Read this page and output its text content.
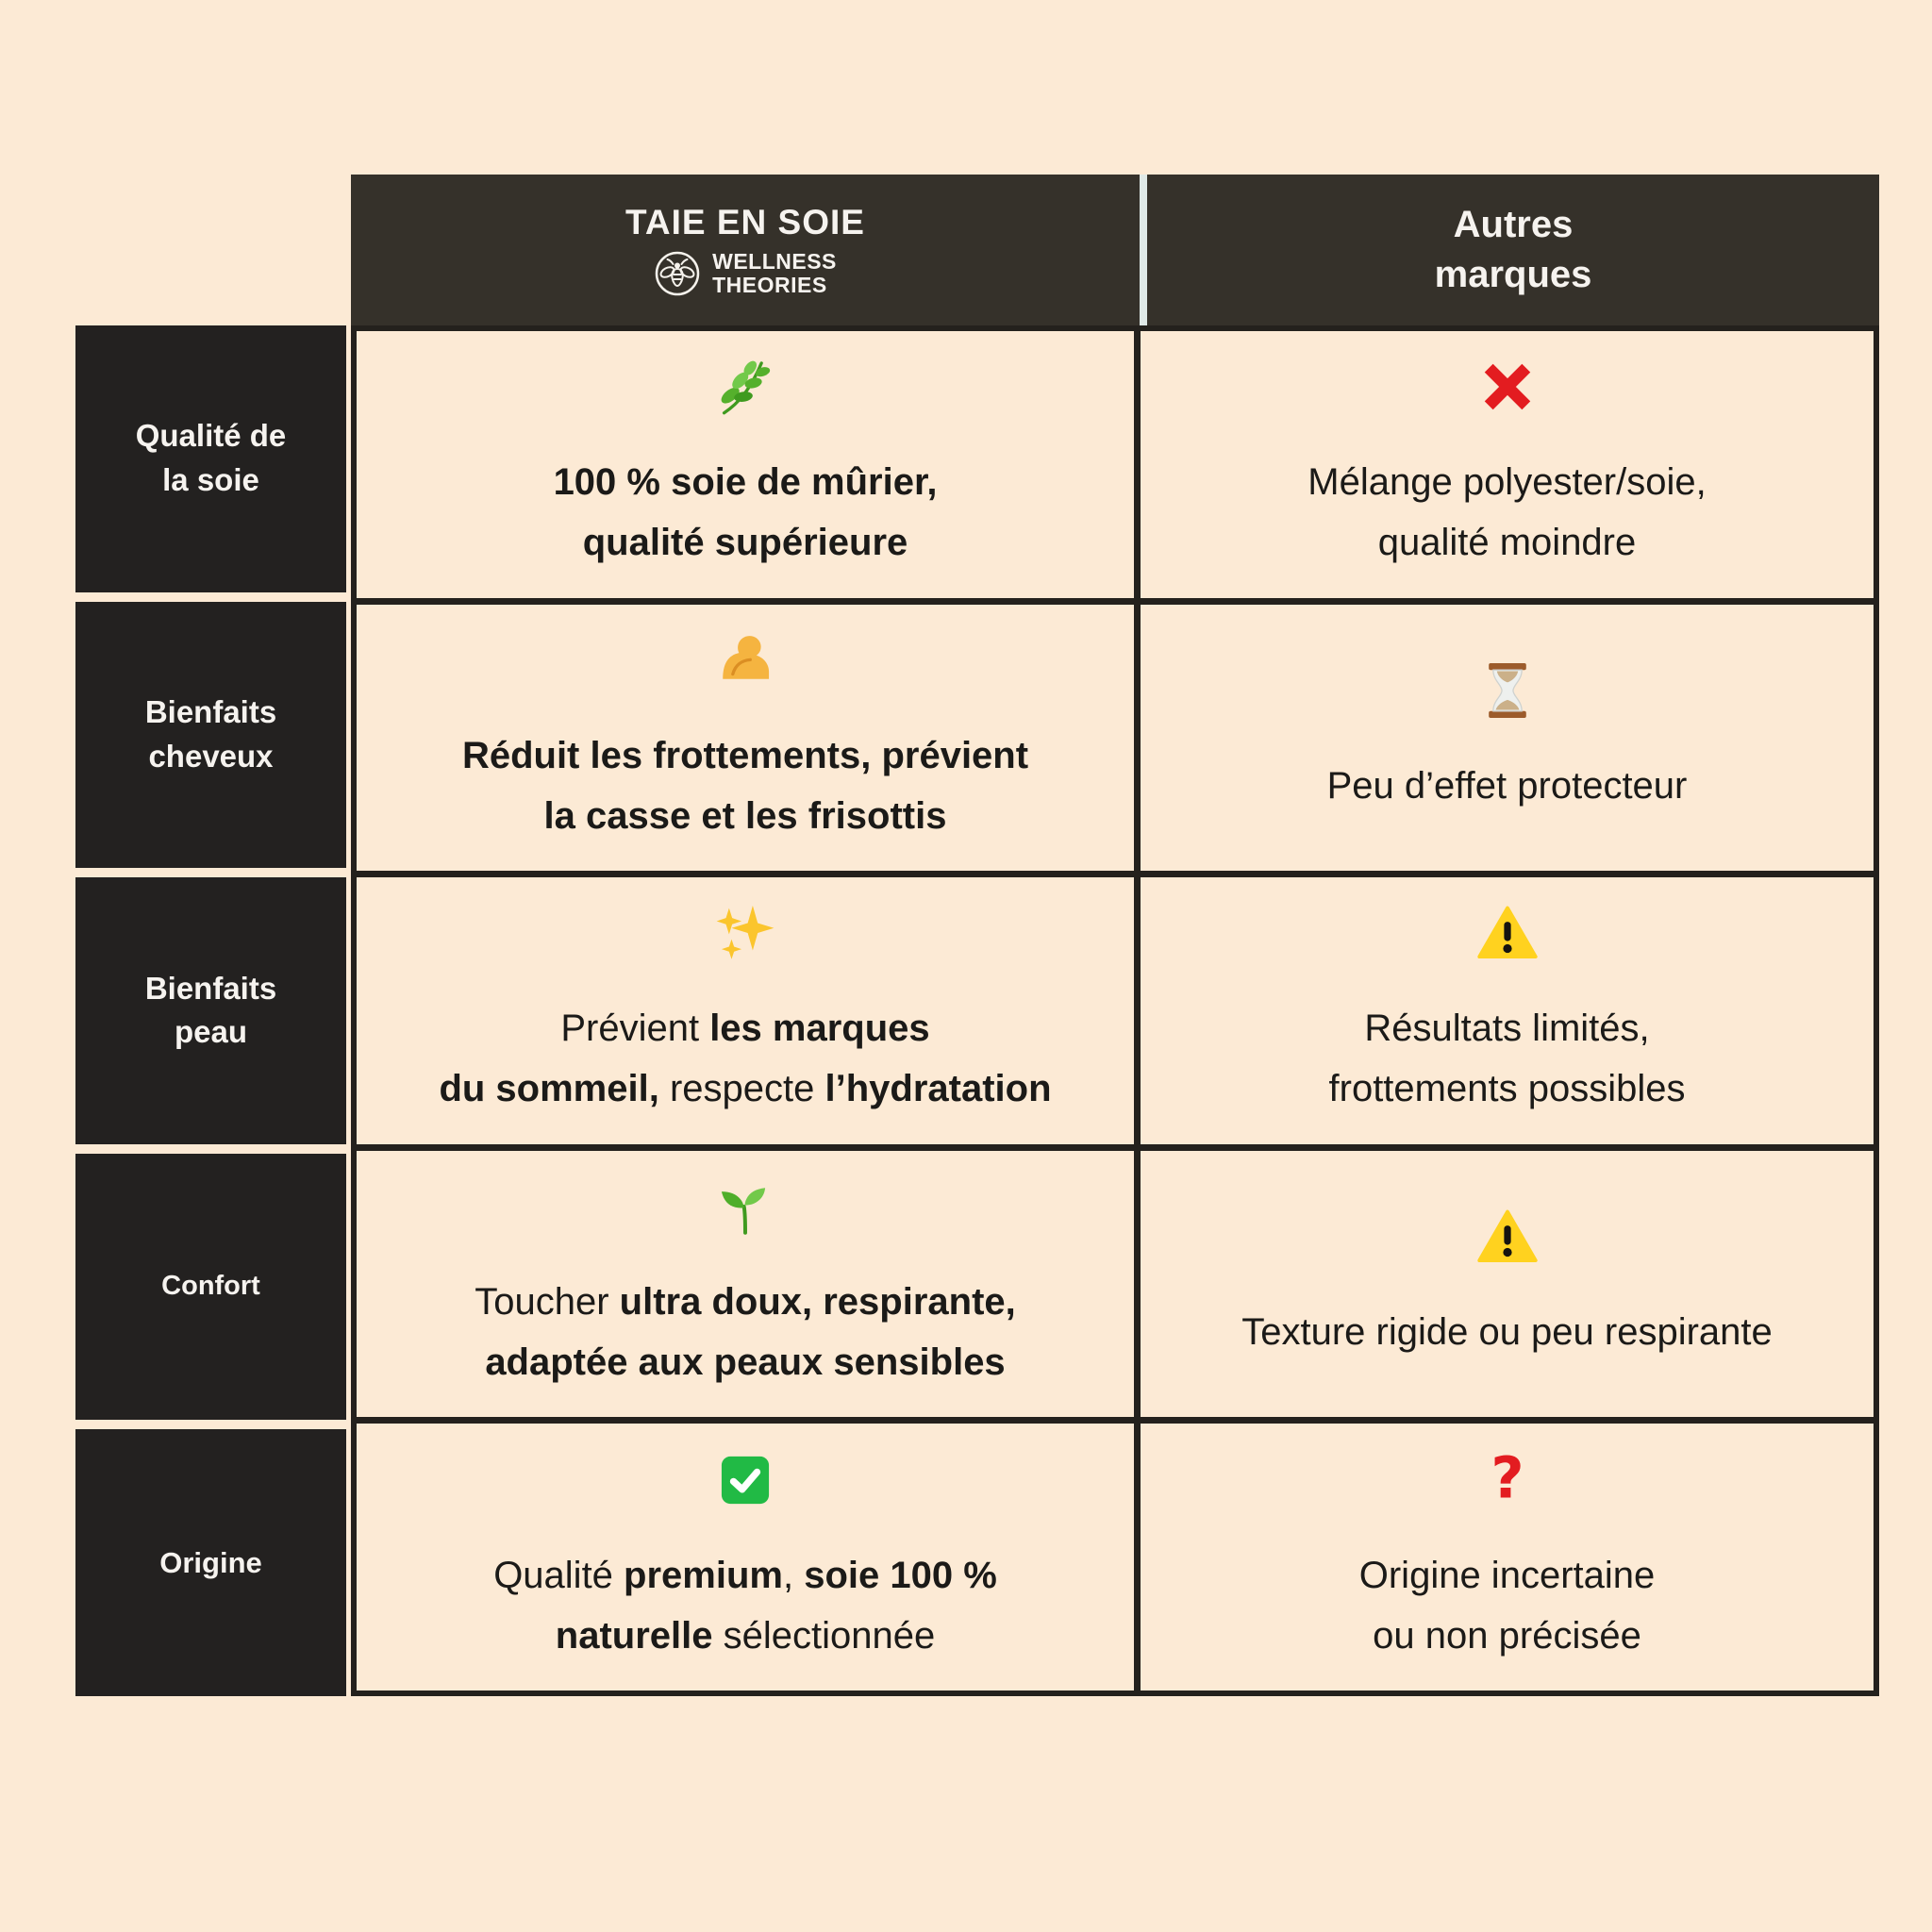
TAIE EN SOIE
WELLNESS
THEORIES
Autres
marques
Qualité de
la soie
Bienfaits
cheveux
Bienfaits
peau
Confort
Origine
100 % soie de mûrier,
qualité supérieure
Mélange polyester/soie,
qualité moindre
Réduit les frottements, prévient
la casse et les frisottis
Peu d’effet protecteur
Prévient les marques
du sommeil, respecte l’hydratation
Résultats limités,
frottements possibles
Toucher ultra doux, respirante,
adaptée aux peaux sensibles
Texture rigide ou peu respirante
Qualité premium, soie 100 %
naturelle sélectionnée
Origine incertaine
ou non précisée
